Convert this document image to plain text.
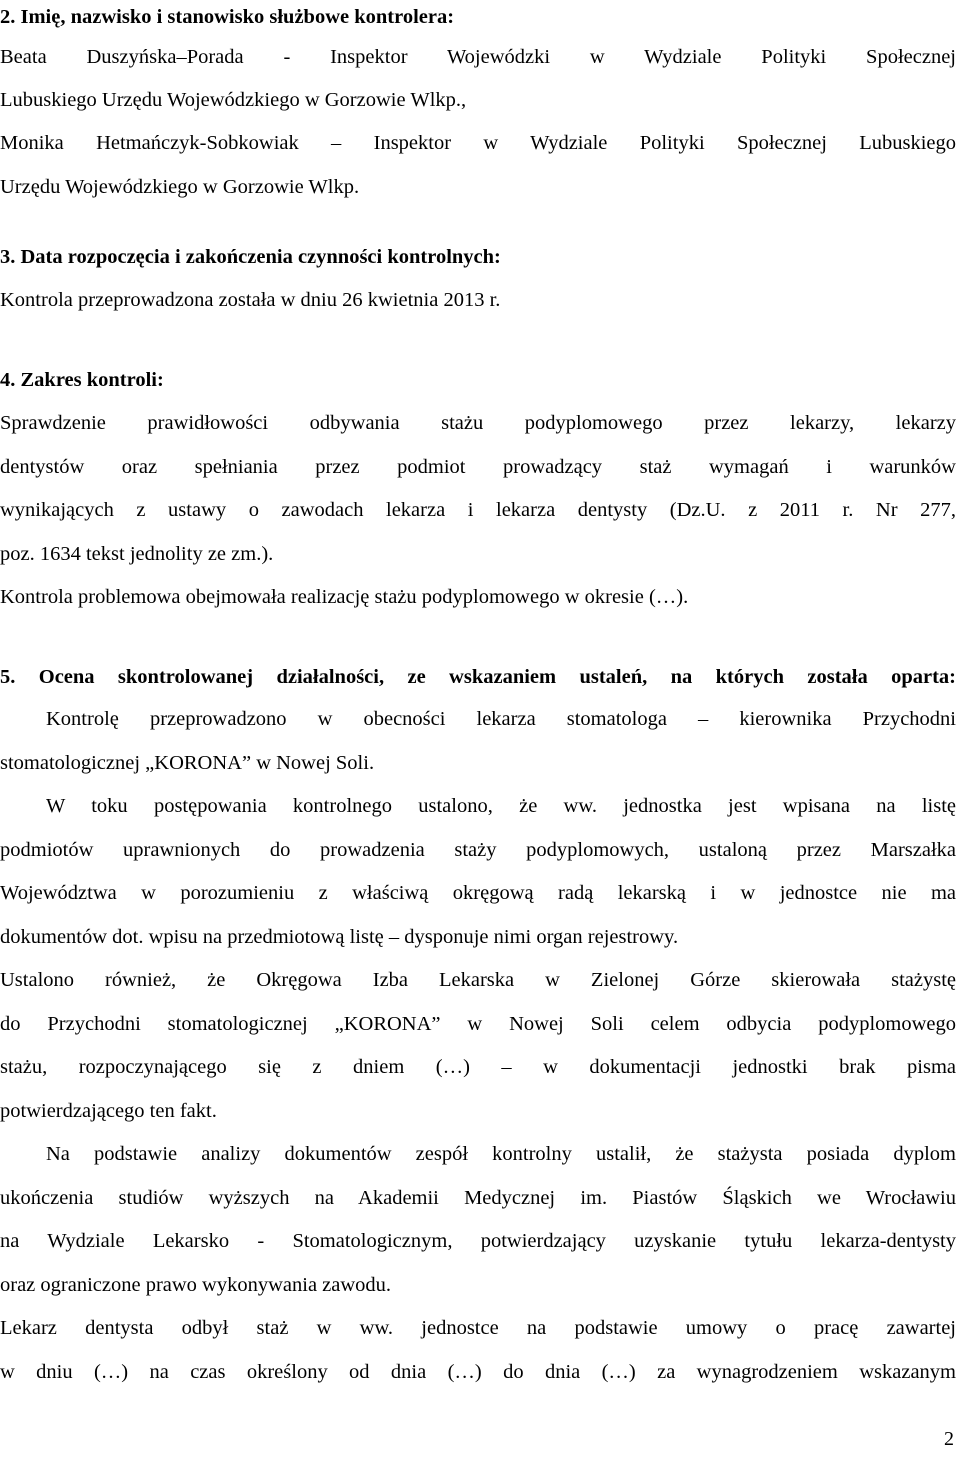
2. Imię, nazwisko i stanowisko służbowe kontrolera:

Beata Duszyńska–Porada - Inspektor Wojewódzki w Wydziale Polityki Społecznej

Lubuskiego Urzędu Wojewódzkiego w Gorzowie Wlkp.,

Monika Hetmańczyk-Sobkowiak – Inspektor w Wydziale Polityki Społecznej Lubuskiego

Urzędu Wojewódzkiego w Gorzowie Wlkp.

3. Data rozpoczęcia i zakończenia czynności kontrolnych:

Kontrola przeprowadzona została w dniu 26 kwietnia 2013 r.

4. Zakres kontroli:

Sprawdzenie prawidłowości odbywania stażu podyplomowego przez lekarzy, lekarzy

dentystów oraz spełniania przez podmiot prowadzący staż wymagań i warunków

wynikających z ustawy o zawodach lekarza i lekarza dentysty (Dz.U. z 2011 r. Nr 277,

poz. 1634 tekst jednolity ze zm.).

Kontrola problemowa obejmowała realizację stażu podyplomowego w okresie (…).

5. Ocena skontrolowanej działalności, ze wskazaniem ustaleń, na których została oparta:

Kontrolę przeprowadzono w obecności lekarza stomatologa – kierownika Przychodni

stomatologicznej „KORONA” w Nowej Soli.

W toku postępowania kontrolnego ustalono, że ww. jednostka jest wpisana na listę

podmiotów uprawnionych do prowadzenia staży podyplomowych, ustaloną przez Marszałka

Województwa w porozumieniu z właściwą okręgową radą lekarską i w jednostce nie ma

dokumentów dot. wpisu na przedmiotową listę – dysponuje nimi organ rejestrowy.

Ustalono również, że Okręgowa Izba Lekarska w Zielonej Górze skierowała stażystę

do Przychodni stomatologicznej „KORONA” w Nowej Soli celem odbycia podyplomowego

stażu, rozpoczynającego się z dniem (…) – w dokumentacji jednostki brak pisma

potwierdzającego ten fakt.

Na podstawie analizy dokumentów zespół kontrolny ustalił, że stażysta posiada dyplom

ukończenia studiów wyższych na Akademii Medycznej im. Piastów Śląskich we Wrocławiu

na Wydziale Lekarsko - Stomatologicznym, potwierdzający uzyskanie tytułu lekarza-dentysty

oraz ograniczone prawo wykonywania zawodu.

Lekarz dentysta odbył staż w ww. jednostce na podstawie umowy o pracę zawartej

w dniu (…) na czas określony od dnia (…) do dnia (…) za wynagrodzeniem wskazanym

2
